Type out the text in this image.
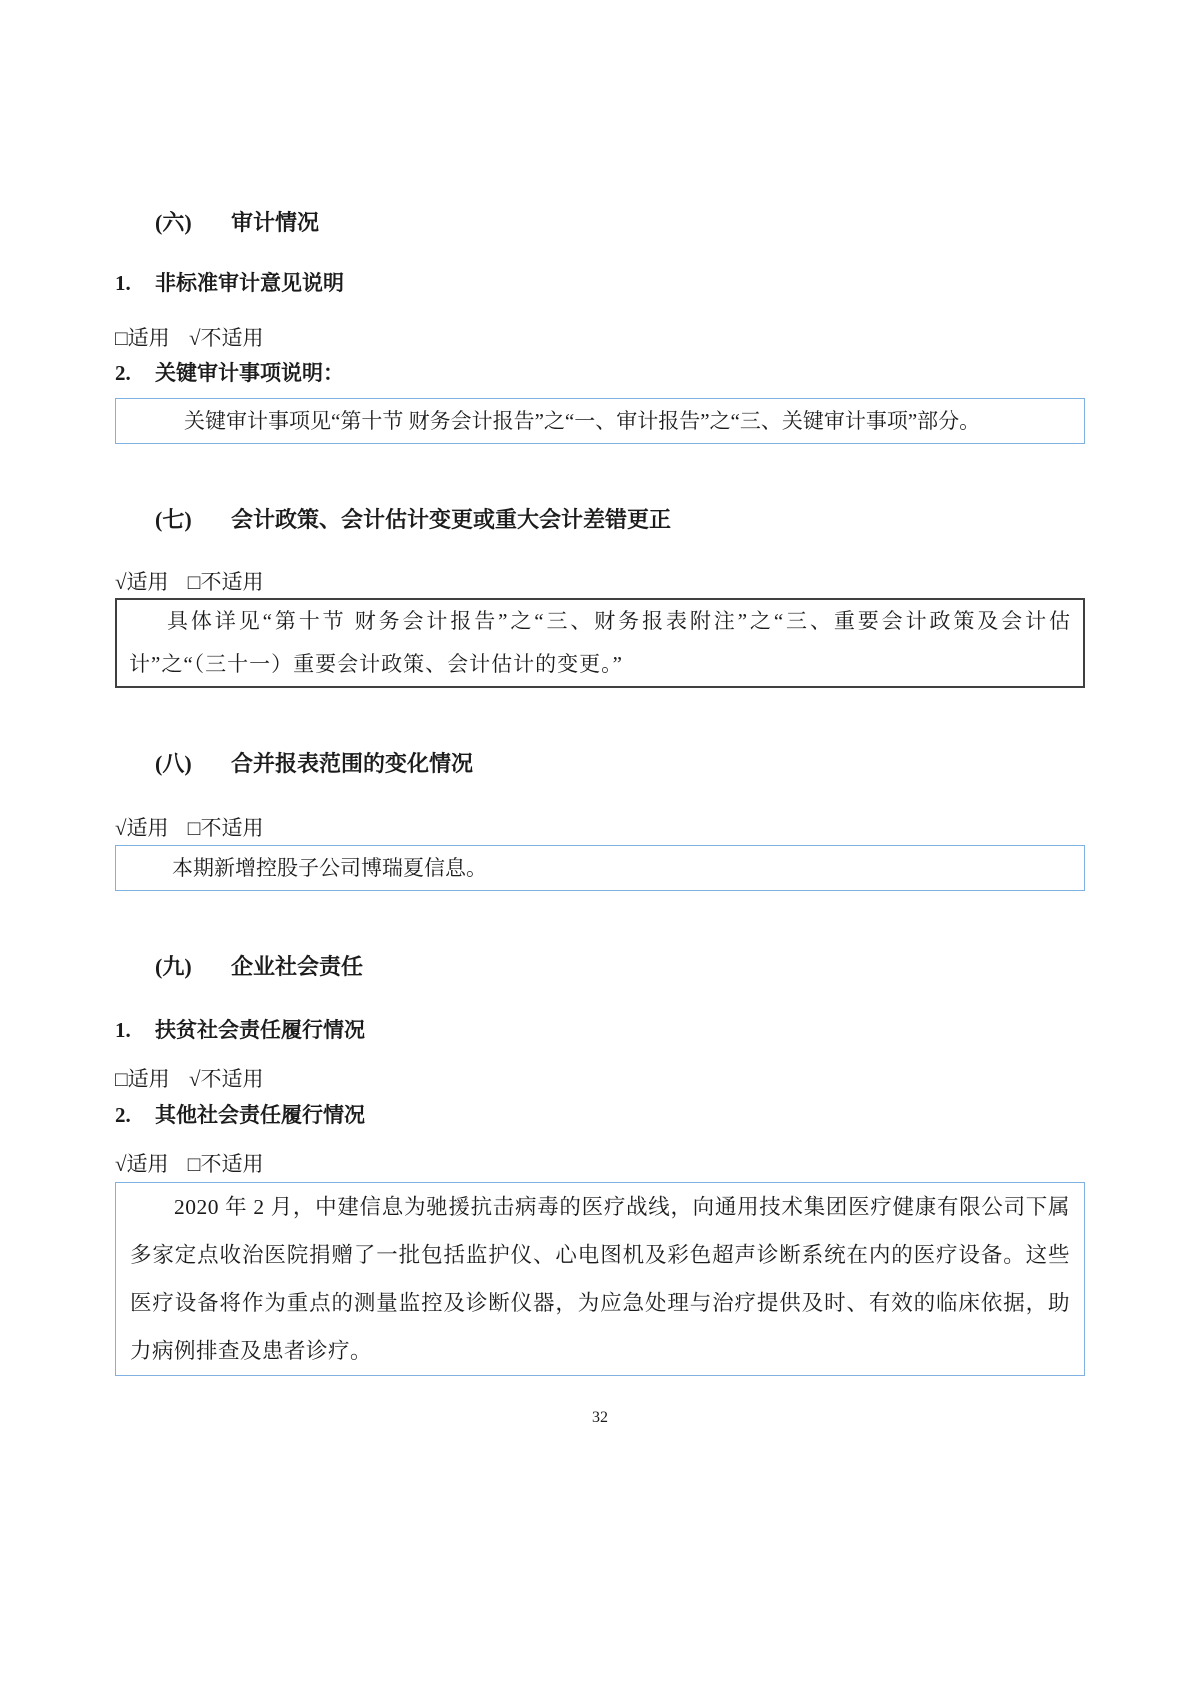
(六)	审计情况
1.	非标准审计意见说明
□适用 √不适用
2.	关键审计事项说明：

关键审计事项见“第十节 财务会计报告”之“一、审计报告”之“三、关键审计事项”部分。

(七)	会计政策、会计估计变更或重大会计差错更正
√适用 □不适用

具体详见“第十节 财务会计报告”之“三、财务报表附注”之“三、重要会计政策及会计估计”之“（三十一）重要会计政策、会计估计的变更。”

(八)	合并报表范围的变化情况
√适用 □不适用

本期新增控股子公司博瑞夏信息。

(九)	企业社会责任
1.	扶贫社会责任履行情况
□适用 √不适用
2.	其他社会责任履行情况
√适用 □不适用

2020 年 2 月，中建信息为驰援抗击病毒的医疗战线，向通用技术集团医疗健康有限公司下属多家定点收治医院捐赠了一批包括监护仪、心电图机及彩色超声诊断系统在内的医疗设备。这些医疗设备将作为重点的测量监控及诊断仪器，为应急处理与治疗提供及时、有效的临床依据，助力病例排查及患者诊疗。

32
